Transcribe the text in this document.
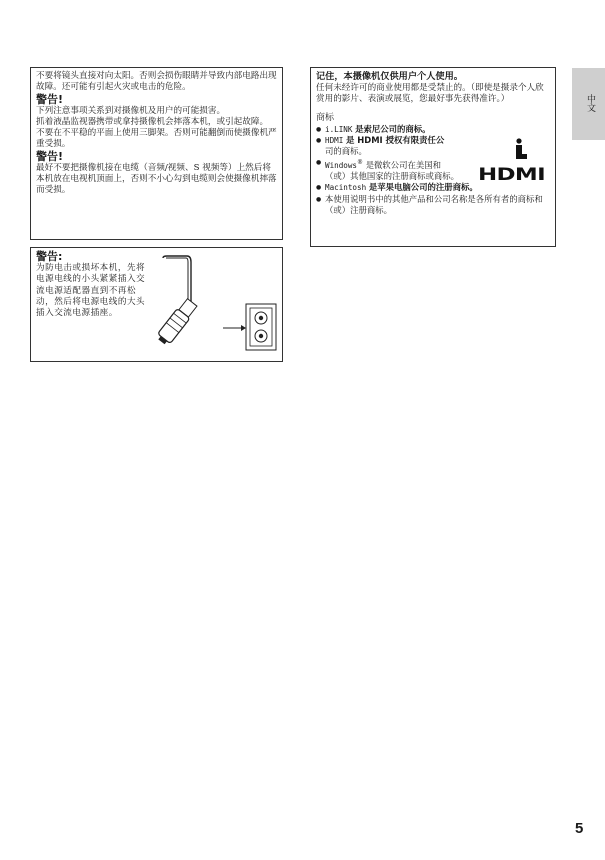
中文

不要将镜头直接对向太阳。否则会损伤眼睛并导致内部电路出现故障。还可能有引起火灾或电击的危险。

警告!

下列注意事项关系到对摄像机及用户的可能损害。

抓着液晶监视器携带或拿持摄像机会摔落本机，或引起故障。

不要在不平稳的平面上使用三脚架。否则可能翻倒而使摄像机严重受损。

警告!

最好不要把摄像机接在电缆（音频/视频、S 视频等）上然后将本机放在电视机顶面上，否则不小心勾到电缆则会使摄像机摔落而受损。

警告:

为防电击或损坏本机，先将电源电线的小头紧紧插入交流电源适配器直到不再松动，然后将电源电线的大头插入交流电源插座。

记住，本摄像机仅供用户个人使用。

任何未经许可的商业使用都是受禁止的。（即使是摄录个人欣赏用的影片、表演或展览，您最好事先获得准许。）

商标

● i.LINK 是索尼公司的商标。
● HDMI 是 HDMI 授权有限责任公
司的商标。
● Windows® 是微软公司在美国和
（或）其他国家的注册商标或商标。
● Macintosh 是苹果电脑公司的注册商标。
● 本使用说明书中的其他产品和公司名称是各所有者的商标和（或）注册商标。
HDMI
5
